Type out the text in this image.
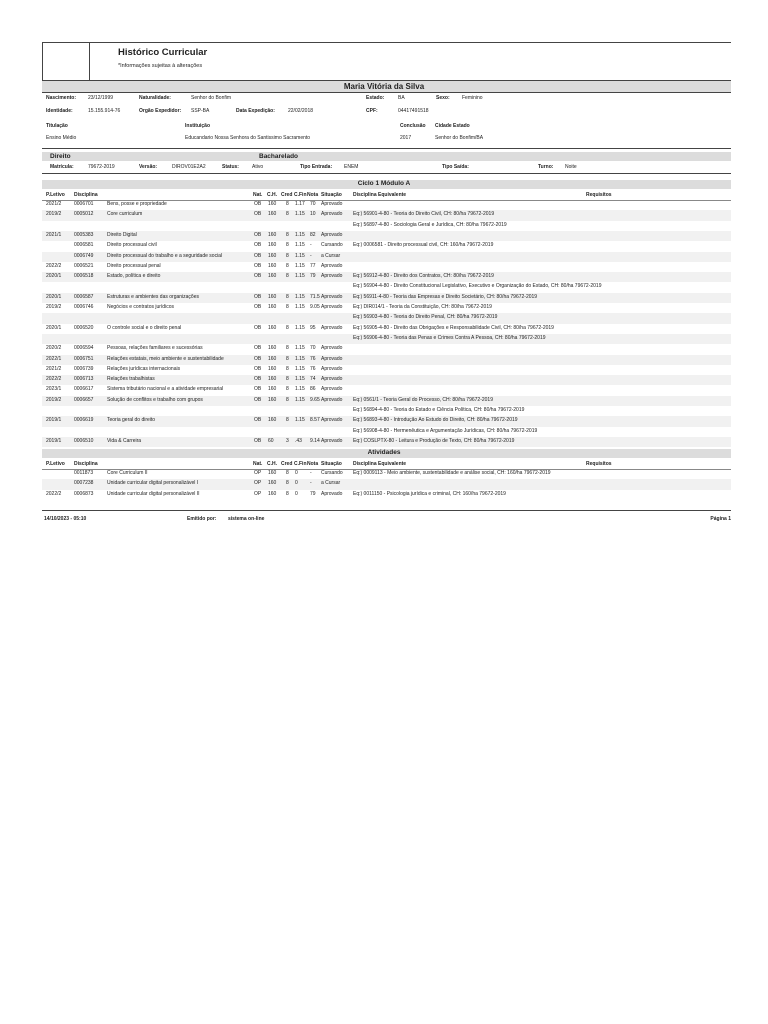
Histórico Curricular
*Informações sujeitas à alterações
Maria Vitória da Silva
Nascimento: 23/12/1999	Naturalidade:	Senhor do Bonfim	Estado:	BA	Sexo: Feminino
Identidade:	15.155.914-76	Orgão Expedidor: SSP-BA	Data Expedição:	22/02/2018	CPF:	04417491518
Titulação	Instituição	Conclusão Cidade Estado
Ensino Médio	Educandario Nossa Senhora do Santissimo Sacramento	2017	Senhor do Bonfim/BA
Direito	Bacharelado
Matrícula:	79672-2019	Versão:	DIROV01E2A2	Status:	Ativo	Tipo Entrada: ENEM	Tipo Saída:	Turno: Noite
Ciclo 1 Módulo A
P.Letivo Disciplina	Nat. C.H. Cred C.Fin Nota Situação Disciplina Equivalente	Requisitos
2021/2	0006701	Bens, posse e propriedade	OB 160 8 1.17 70 Aprovado
2019/2	0005012	Core curriculum	OB 160 8 1.15 10 Aprovado Eq:) 56901-4-80 - Teoria do Direito Civil, CH: 80/ha 79672-2019
Eq:) 56897-4-80 - Sociologia Geral e Jurídica, CH: 80/ha 79672-2019
2021/1	0005383	Direito Digital	OB 160 8 1.15 82 Aprovado
0006581	Direito processual civil	OB 160 8 1.15 - Cursando Eq:) 0006581 - Direito processual civil, CH: 160/ha 79672-2019
0006749	Direito processual do trabalho e a seguridade social	OB 160 8 1.15 - a Cursar
2022/2	0006521	Direito processual penal	OB 160 8 1.15 77 Aprovado
2020/1	0006518	Estado, política e direito	OB 160 8 1.15 79 Aprovado Eq:) 56912-4-80 - Direito dos Contratos, CH: 80/ha 79672-2019
Eq:) 56904-4-80 - Direito Constitucional Legislativo, Executivo e Organização do Estado, CH: 80/ha 79672-2019
2020/1	0006587	Estruturas e ambientes das organizações	OB 160 8 1.15 71.5 Aprovado Eq:) 56911-4-80 - Teoria das Empresas e Direito Societário, CH: 80/ha 79672-2019
2019/2	0006746	Negócios e contratos jurídicos	OB 160 8 1.15 9.05 Aprovado Eq:) DIR014/1 - Teoria da Constituição, CH: 80/ha 79672-2019
Eq:) 56903-4-80 - Teoria do Direito Penal, CH: 80/ha 79672-2019
2020/1	0006520	O controle social e o direito penal	OB 160 8 1.15 95 Aprovado Eq:) 56905-4-80 - Direito das Obrigações e Responsabilidade Civil, CH: 80/ha 79672-2019
Eq:) 56906-4-80 - Teoria das Penas e Crimes Contra A Pessoa, CH: 80/ha 79672-2019
2020/2	0006594	Pessoas, relações familiares e sucessórias	OB 160 8 1.15 70 Aprovado
2022/1	0006751	Relações estatais, meio ambiente e sustentabilidade	OB 160 8 1.15 76 Aprovado
2021/2	0006739	Relações jurídicas internacionais	OB 160 8 1.15 76 Aprovado
2022/2	0006713	Relações trabalhistas	OB 160 8 1.15 74 Aprovado
2023/1	0006617	Sistema tributário nacional e a atividade empresarial	OB 160 8 1.15 86 Aprovado
2019/2	0006657	Solução de conflitos e trabalho com grupos	OB 160 8 1.15 9.65 Aprovado Eq:) 0561/1 - Teoria Geral do Processo, CH: 80/ha 79672-2019
Eq:) 56894-4-80 - Teoria do Estado e Ciência Política, CH: 80/ha 79672-2019
2019/1	0006619	Teoria geral do direito	OB 160 8 1.15 8.57 Aprovado Eq:) 56893-4-80 - Introdução Ao Estudo do Direito, CH: 80/ha 79672-2019
Eq:) 56908-4-80 - Hermenêutica e Argumentação Jurídicas, CH: 80/ha 79672-2019
2019/1	0006510	Vida & Carreira	OB 60 3 .43 9.14 Aprovado Eq:) COSLPTX-80 - Leitura e Produção de Texto, CH: 80/ha 79672-2019
Atividades
P.Letivo Disciplina	Nat. C.H. Cred C.Fin Nota Situação Disciplina Equivalente	Requisitos
0011873	Core Curriculum II	OP 160 8 0 - Cursando Eq:) 0009113 - Meio ambiente, sustentabilidade e análise social, CH: 160/ha 79672-2019
0007238	Unidade curricular digital personalizável I	OP 160 8 0 - a Cursar
2022/2	0006873	Unidade curricular digital personalizável II	OP 160 8 0 79 Aprovado Eq:) 0011150 - Psicologia jurídica e criminal, CH: 160/ha 79672-2019
14/10/2023 - 05:10	Emitido por: sistema on-line	Página 1
